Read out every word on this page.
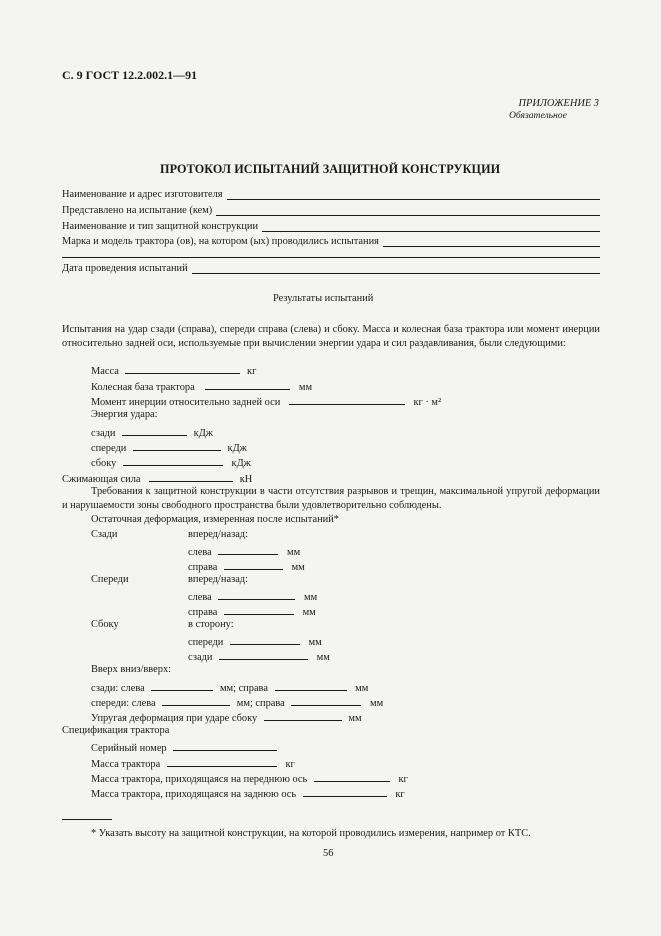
С. 9 ГОСТ 12.2.002.1—91
ПРИЛОЖЕНИЕ 3
Обязательное
ПРОТОКОЛ ИСПЫТАНИЙ ЗАЩИТНОЙ КОНСТРУКЦИИ
Наименование и адрес изготовителя
Представлено на испытание (кем)
Наименование и тип защитной конструкции
Марка и модель трактора (ов), на котором (ых) проводились испытания
Дата проведения испытаний
Результаты испытаний
Испытания на удар сзади (справа), спереди справа (слева) и сбоку. Масса и колесная база трактора или момент инерции относительно задней оси, используемые при вычислении энергии удара и сил раздавливания, были следующими:
Масса	кг
Колесная база трактора	мм
Момент инерции относительно задней оси	кг · м²
Энергия удара:
сзади	кДж
спереди	кДж
сбоку	кДж
Сжимающая сила	кН
Требования к защитной конструкции в части отсутствия разрывов и трещин, максимальной упругой деформации и нарушаемости зоны свободного пространства были удовлетворительно соблюдены.
Остаточная деформация, измеренная после испытаний*
Сзади	вперед/назад:
слева	мм
справа	мм
Спереди	вперед/назад:
слева	мм
справа	мм
Сбоку	в сторону:
спереди	мм
сзади	мм
Вверх вниз/вверх:
сзади: слева	мм; справа	мм
спереди: слева	мм; справа	мм
Упругая деформация при ударе сбоку	мм
Спецификация трактора
Серийный номер
Масса трактора	кг
Масса трактора, приходящаяся на переднюю ось	кг
Масса трактора, приходящаяся на заднюю ось	кг
* Указать высоту на защитной конструкции, на которой проводились измерения, например от КТС.
56
